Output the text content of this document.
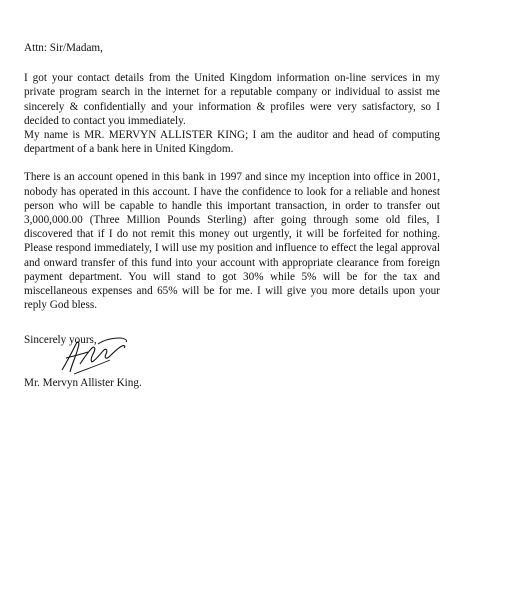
Attn: Sir/Madam,

I got your contact details from the United Kingdom information on-line services in my private program search in the internet for a reputable company or individual to assist me sincerely & confidentially and your information & profiles were very satisfactory, so I decided to contact you immediately.

My name is MR. MERVYN ALLISTER KING; I am the auditor and head of computing department of a bank here in United Kingdom.

There is an account opened in this bank in 1997 and since my inception into office in 2001, nobody has operated in this account. I have the confidence to look for a reliable and honest person who will be capable to handle this important transaction, in order to transfer out 3,000,000.00 (Three Million Pounds Sterling) after going through some old files, I discovered that if I do not remit this money out urgently, it will be forfeited for nothing. Please respond immediately, I will use my position and influence to effect the legal approval and onward transfer of this fund into your account with appropriate clearance from foreign payment department. You will stand to got 30% while 5% will be for the tax and miscellaneous expenses and 65% will be for me. I will give you more details upon your reply God bless.

Sincerely yours,
Mr. Mervyn Allister King.
